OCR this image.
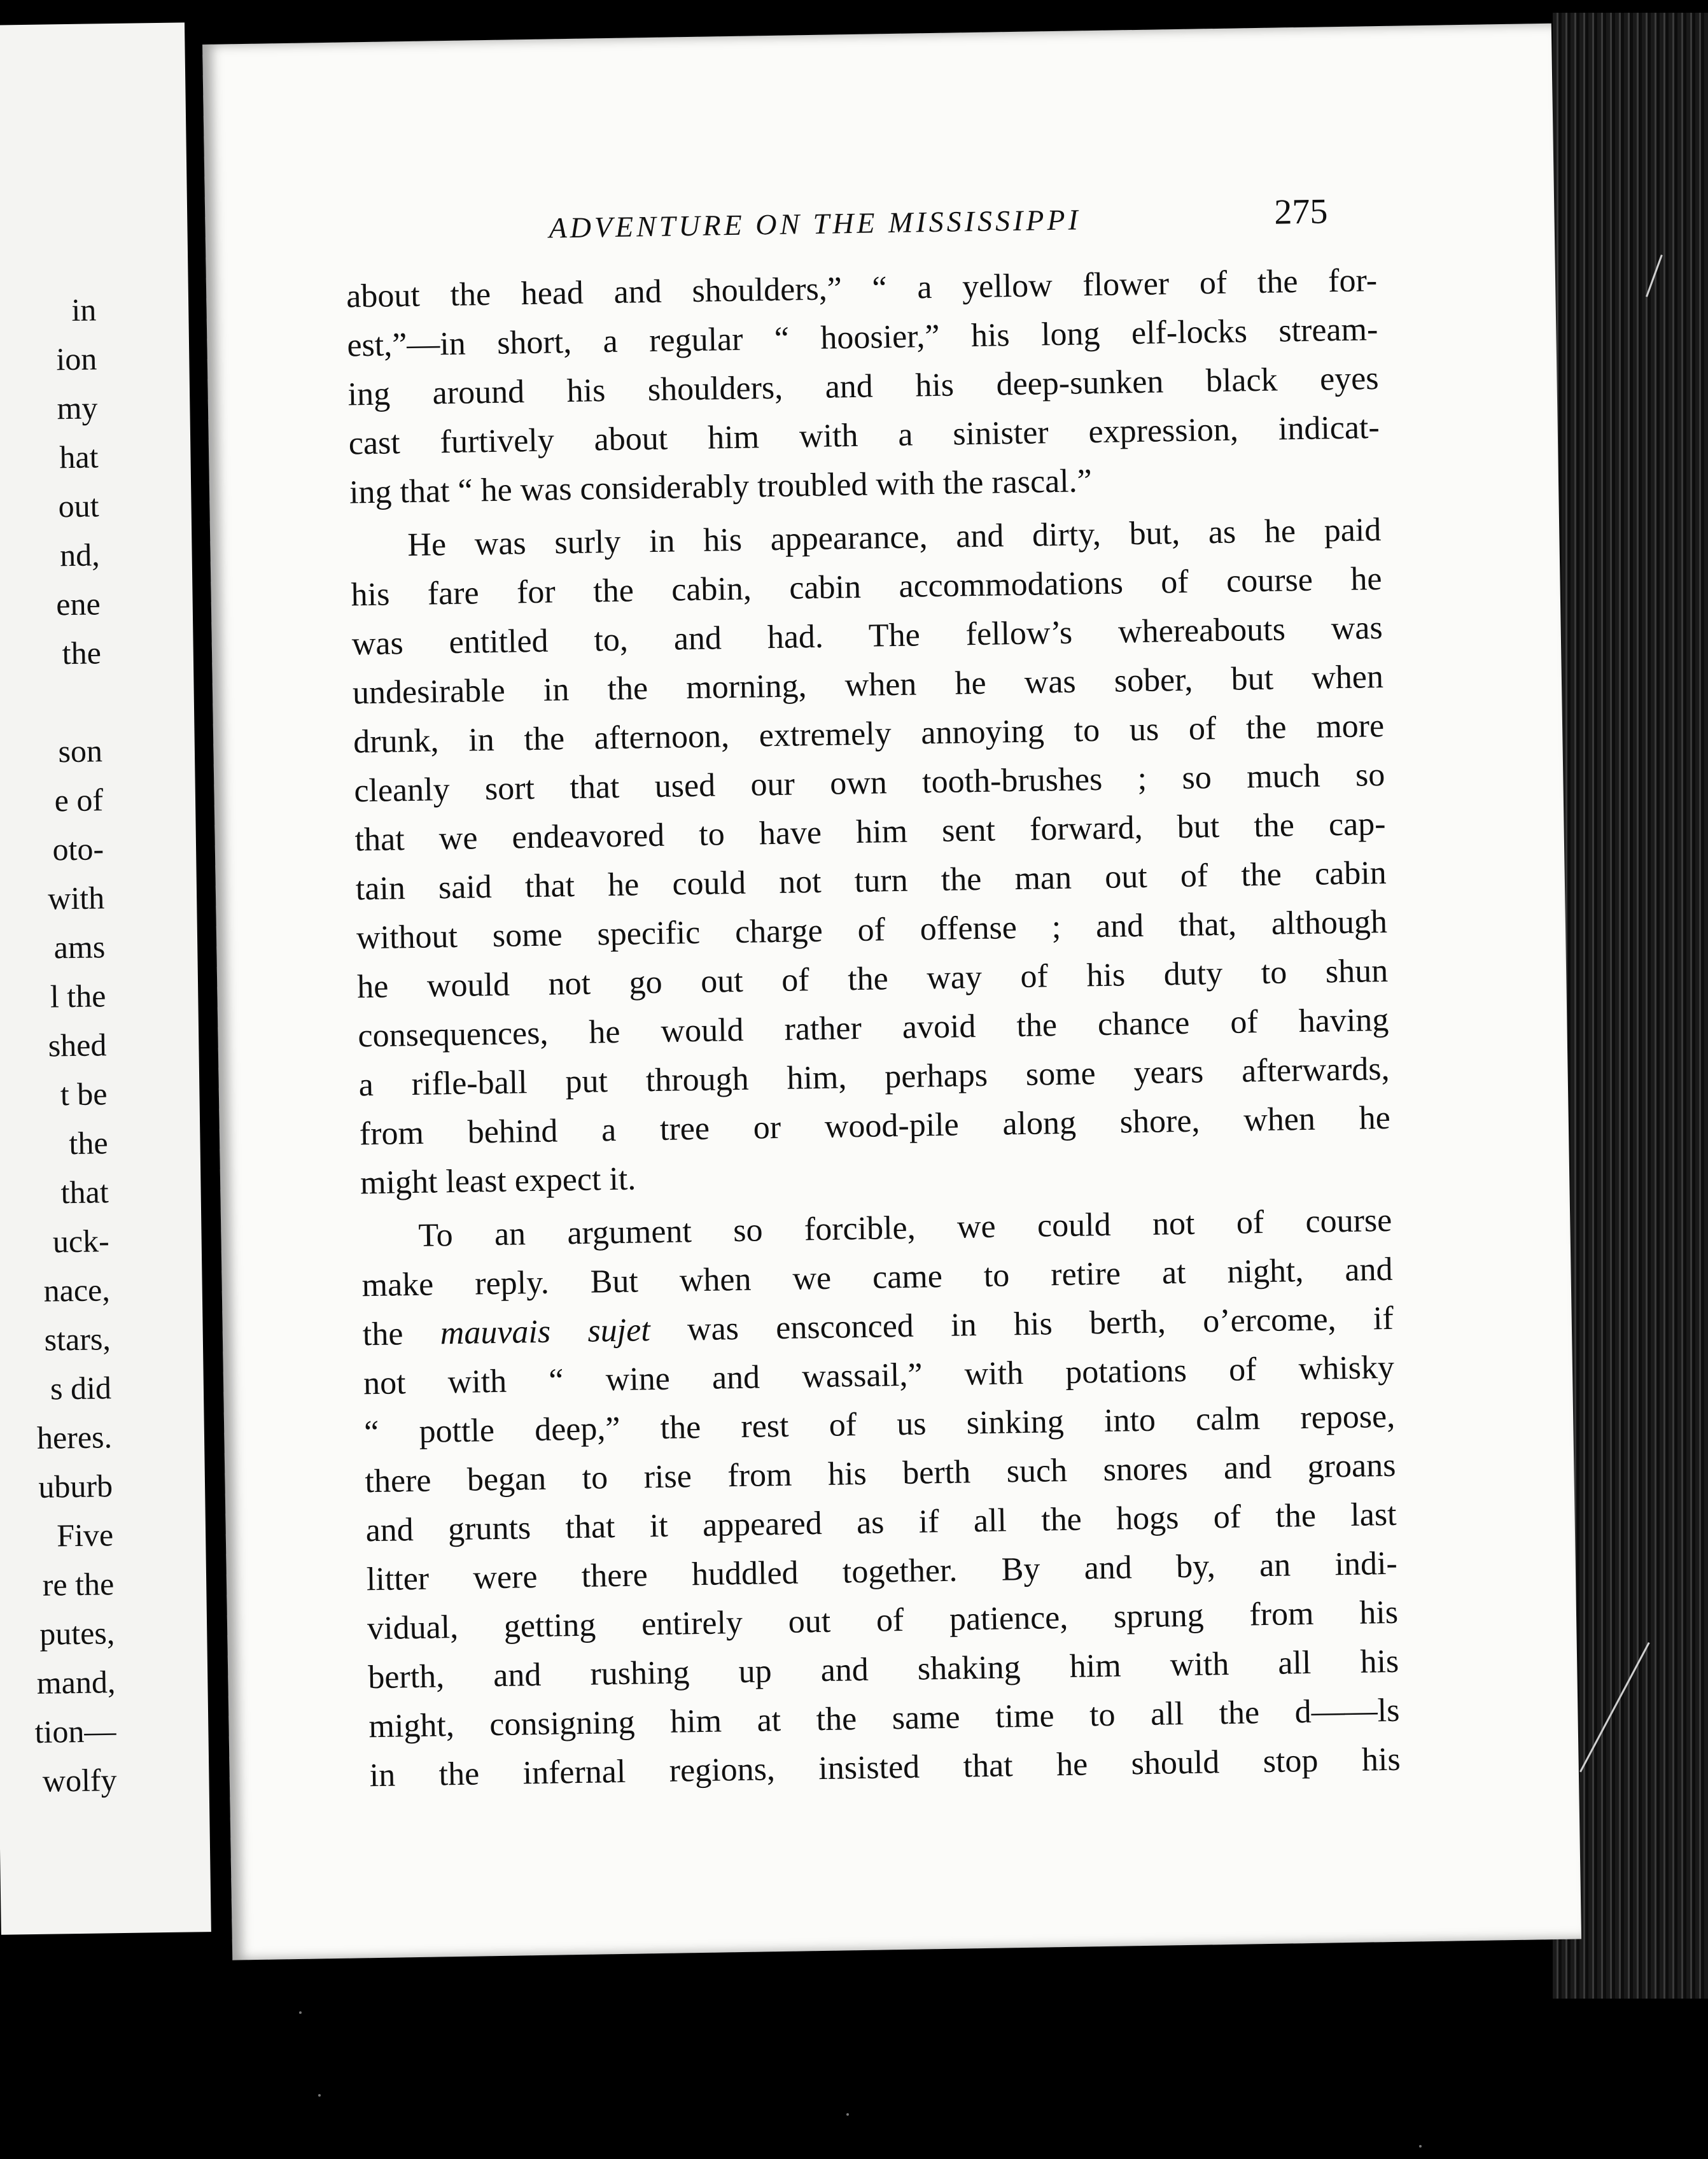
in
ion
my
hat
out
nd,
ene
the
son
e of
oto-
with
ams
l the
shed
t be
the
that
uck-
nace,
stars,
s did
heres.
uburb
Five
re the
putes,
mand,
tion—
wolfy
ADVENTURE ON THE MISSISSIPPI	275
about the head and shoulders,” “ a yellow flower of the for-
est,”—in short, a regular “ hoosier,” his long elf-locks stream-
ing around his shoulders, and his deep-sunken black eyes
cast furtively about him with a sinister expression, indicat-
ing that “ he was considerably troubled with the rascal.”
He was surly in his appearance, and dirty, but, as he paid
his fare for the cabin, cabin accommodations of course he
was entitled to, and had. The fellow’s whereabouts was
undesirable in the morning, when he was sober, but when
drunk, in the afternoon, extremely annoying to us of the more
cleanly sort that used our own tooth-brushes ; so much so
that we endeavored to have him sent forward, but the cap-
tain said that he could not turn the man out of the cabin
without some specific charge of offense ; and that, although
he would not go out of the way of his duty to shun
consequences, he would rather avoid the chance of having
a rifle-ball put through him, perhaps some years afterwards,
from behind a tree or wood-pile along shore, when he
might least expect it.
To an argument so forcible, we could not of course
make reply. But when we came to retire at night, and
the mauvais sujet was ensconced in his berth, o’ercome, if
not with “ wine and wassail,” with potations of whisky
“ pottle deep,” the rest of us sinking into calm repose,
there began to rise from his berth such snores and groans
and grunts that it appeared as if all the hogs of the last
litter were there huddled together. By and by, an indi-
vidual, getting entirely out of patience, sprung from his
berth, and rushing up and shaking him with all his
might, consigning him at the same time to all the d——ls
in the infernal regions, insisted that he should stop his
